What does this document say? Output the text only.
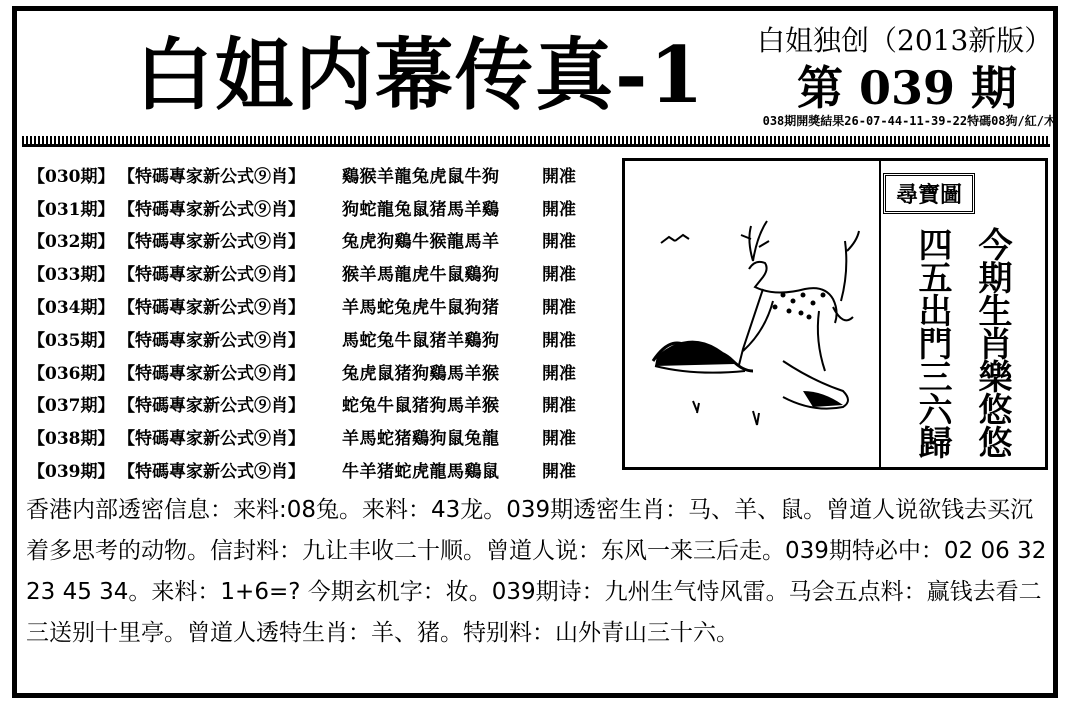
白姐内幕传真-1 白姐独创（2013新版）
第 039 期
038期開獎結果26-07-44-11-39-22特碼08狗/紅/木
【030期】 【特碼專家新公式⑨肖】	鷄猴羊龍兔虎鼠牛狗	開准
【031期】 【特碼專家新公式⑨肖】	狗蛇龍兔鼠猪馬羊鷄	開准
【032期】 【特碼專家新公式⑨肖】	兔虎狗鷄牛猴龍馬羊	開准
【033期】 【特碼專家新公式⑨肖】	猴羊馬龍虎牛鼠鷄狗	開准
【034期】 【特碼專家新公式⑨肖】	羊馬蛇兔虎牛鼠狗猪	開准
【035期】 【特碼專家新公式⑨肖】	馬蛇兔牛鼠猪羊鷄狗	開准
【036期】 【特碼專家新公式⑨肖】	兔虎鼠猪狗鷄馬羊猴	開准
【037期】 【特碼專家新公式⑨肖】	蛇兔牛鼠猪狗馬羊猴	開准
【038期】 【特碼專家新公式⑨肖】	羊馬蛇猪鷄狗鼠兔龍	開准
【039期】 【特碼專家新公式⑨肖】	牛羊猪蛇虎龍馬鷄鼠	開准
尋寶圖
今期生肖樂悠悠
四五出門三六歸
香港内部透密信息：来料:08兔。来料：43龙。039期透密生肖：马、羊、鼠。曾道人说欲钱去买沉着多思考的动物。信封料：九让丰收二十顺。曾道人说：东风一来三后走。039期特必中：02 06 32 23 45 34。来料：1+6=? 今期玄机字：妆。039期诗：九州生气恃风雷。马会五点料：赢钱去看二三送别十里亭。曾道人透特生肖：羊、猪。特别料：山外青山三十六。
